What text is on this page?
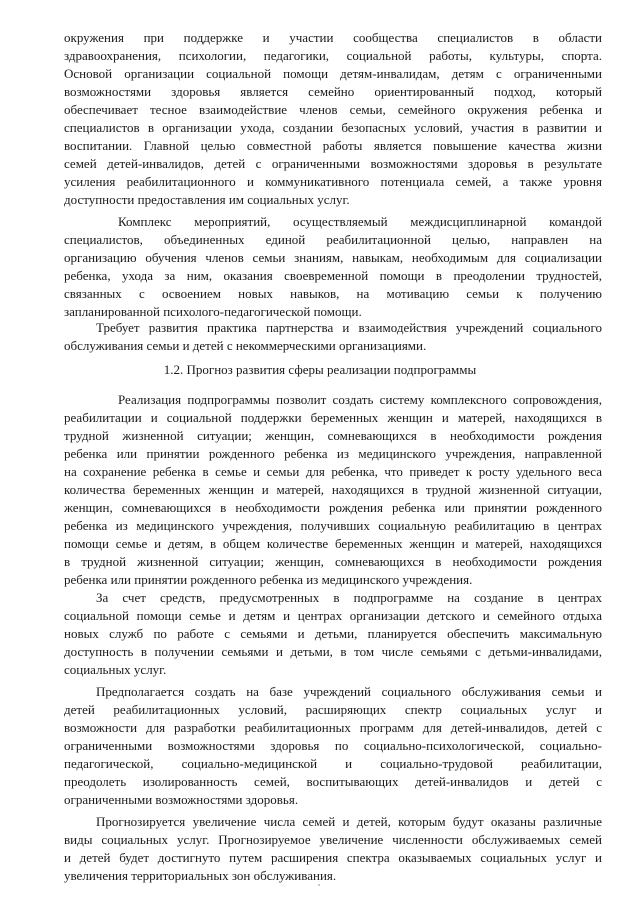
окружения при поддержке и участии сообщества специалистов в области
здравоохранения, психологии, педагогики, социальной работы, культуры, спорта.
Основой организации социальной помощи детям-инвалидам, детям с ограниченными
возможностями здоровья является семейно ориентированный подход, который
обеспечивает тесное взаимодействие членов семьи, семейного окружения ребенка и
специалистов в организации ухода, создании безопасных условий, участия в развитии и
воспитании. Главной целью совместной работы является повышение качества жизни
семей детей-инвалидов, детей с ограниченными возможностями здоровья в результате
усиления реабилитационного и коммуникативного потенциала семей, а также уровня
доступности предоставления им социальных услуг.
Комплекс мероприятий, осуществляемый междисциплинарной командой
специалистов, объединенных единой реабилитационной целью, направлен на
организацию обучения членов семьи знаниям, навыкам, необходимым для социализации
ребенка, ухода за ним, оказания своевременной помощи в преодолении трудностей,
связанных с освоением новых навыков, на мотивацию семьи к получению
запланированной психолого-педагогической помощи.
Требует развития практика партнерства и взаимодействия учреждений социального
обслуживания семьи и детей с некоммерческими организациями.
1.2. Прогноз развития сферы реализации подпрограммы
Реализация подпрограммы позволит создать систему комплексного сопровождения,
реабилитации и социальной поддержки беременных женщин и матерей, находящихся в
трудной жизненной ситуации; женщин, сомневающихся в необходимости рождения
ребенка или принятии рожденного ребенка из медицинского учреждения, направленной
на сохранение ребенка в семье и семьи для ребенка, что приведет к росту удельного веса
количества беременных женщин и матерей, находящихся в трудной жизненной ситуации,
женщин, сомневающихся в необходимости рождения ребенка или принятии рожденного
ребенка из медицинского учреждения, получивших социальную реабилитацию в центрах
помощи семье и детям, в общем количестве беременных женщин и матерей, находящихся
в трудной жизненной ситуации; женщин, сомневающихся в необходимости рождения
ребенка или принятии рожденного ребенка из медицинского учреждения.
За счет средств, предусмотренных в подпрограмме на создание в центрах
социальной помощи семье и детям и центрах организации детского и семейного отдыха
новых служб по работе с семьями и детьми, планируется обеспечить максимальную
доступность в получении семьями и детьми, в том числе семьями с детьми-инвалидами,
социальных услуг.
Предполагается создать на базе учреждений социального обслуживания семьи и
детей реабилитационных условий, расширяющих спектр социальных услуг и
возможности для разработки реабилитационных программ для детей-инвалидов, детей с
ограниченными возможностями здоровья по социально-психологической, социально-
педагогической, социально-медицинской и социально-трудовой реабилитации,
преодолеть изолированность семей, воспитывающих детей-инвалидов и детей с
ограниченными возможностями здоровья.
Прогнозируется увеличение числа семей и детей, которым будут оказаны различные
виды социальных услуг. Прогнозируемое увеличение численности обслуживаемых семей
и детей будет достигнуто путем расширения спектра оказываемых социальных услуг и
увеличения территориальных зон обслуживания.
